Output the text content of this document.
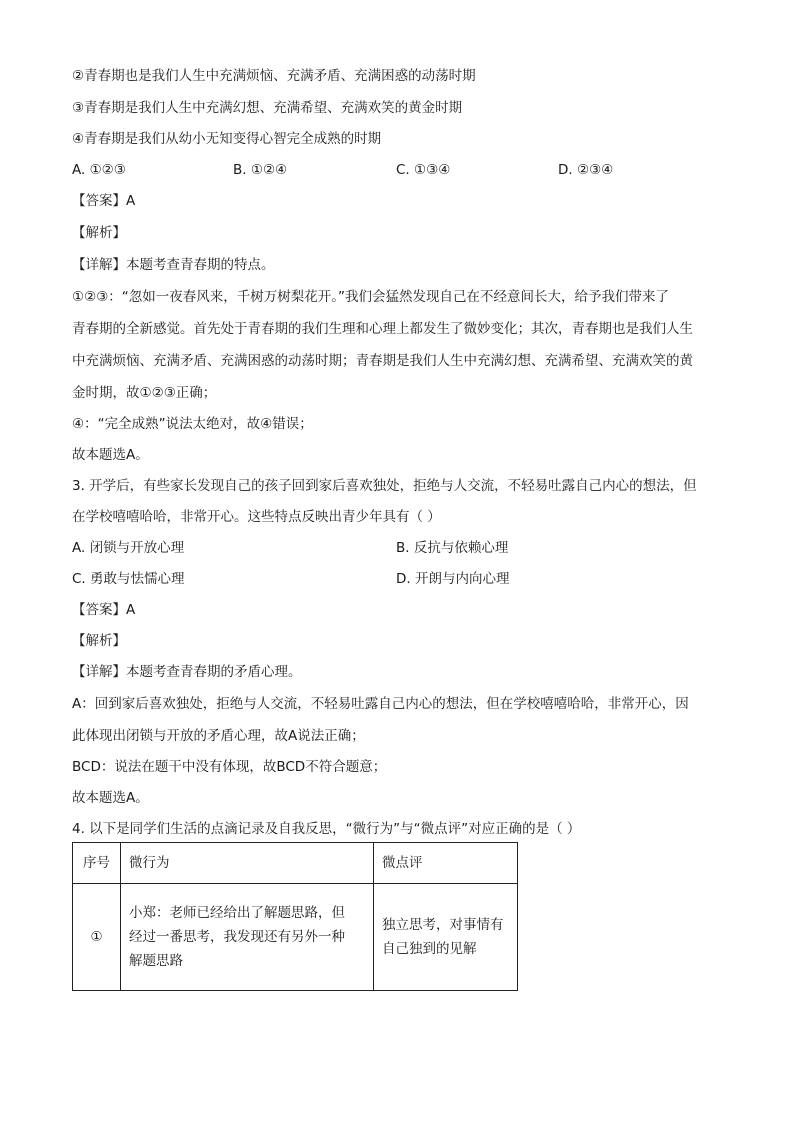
②青春期也是我们人生中充满烦恼、充满矛盾、充满困惑的动荡时期
③青春期是我们人生中充满幻想、充满希望、充满欢笑的黄金时期
④青春期是我们从幼小无知变得心智完全成熟的时期
A. ①②③	B. ①②④	C. ①③④	D. ②③④
【答案】A
【解析】
【详解】本题考查青春期的特点。
①②③：“忽如一夜春风来，千树万树梨花开。”我们会猛然发现自己在不经意间长大，给予我们带来了
青春期的全新感觉。首先处于青春期的我们生理和心理上都发生了微妙变化；其次，青春期也是我们人生
中充满烦恼、充满矛盾、充满困惑的动荡时期；青春期是我们人生中充满幻想、充满希望、充满欢笑的黄
金时期，故①②③正确；
④：“完全成熟”说法太绝对，故④错误；
故本题选A。
3. 开学后，有些家长发现自己的孩子回到家后喜欢独处，拒绝与人交流，不轻易吐露自己内心的想法，但
在学校嘻嘻哈哈，非常开心。这些特点反映出青少年具有（ ）
A. 闭锁与开放心理	B. 反抗与依赖心理
C. 勇敢与怯懦心理	D. 开朗与内向心理
【答案】A
【解析】
【详解】本题考查青春期的矛盾心理。
A：回到家后喜欢独处，拒绝与人交流，不轻易吐露自己内心的想法，但在学校嘻嘻哈哈，非常开心，因
此体现出闭锁与开放的矛盾心理，故A说法正确；
BCD：说法在题干中没有体现，故BCD不符合题意；
故本题选A。
4. 以下是同学们生活的点滴记录及自我反思，“微行为”与“微点评”对应正确的是（ ）
序号	微行为	微点评
①	小郑：老师已经给出了解题思路，但
经过一番思考，我发现还有另外一种
解题思路	独立思考，对事情有
自己独到的见解
